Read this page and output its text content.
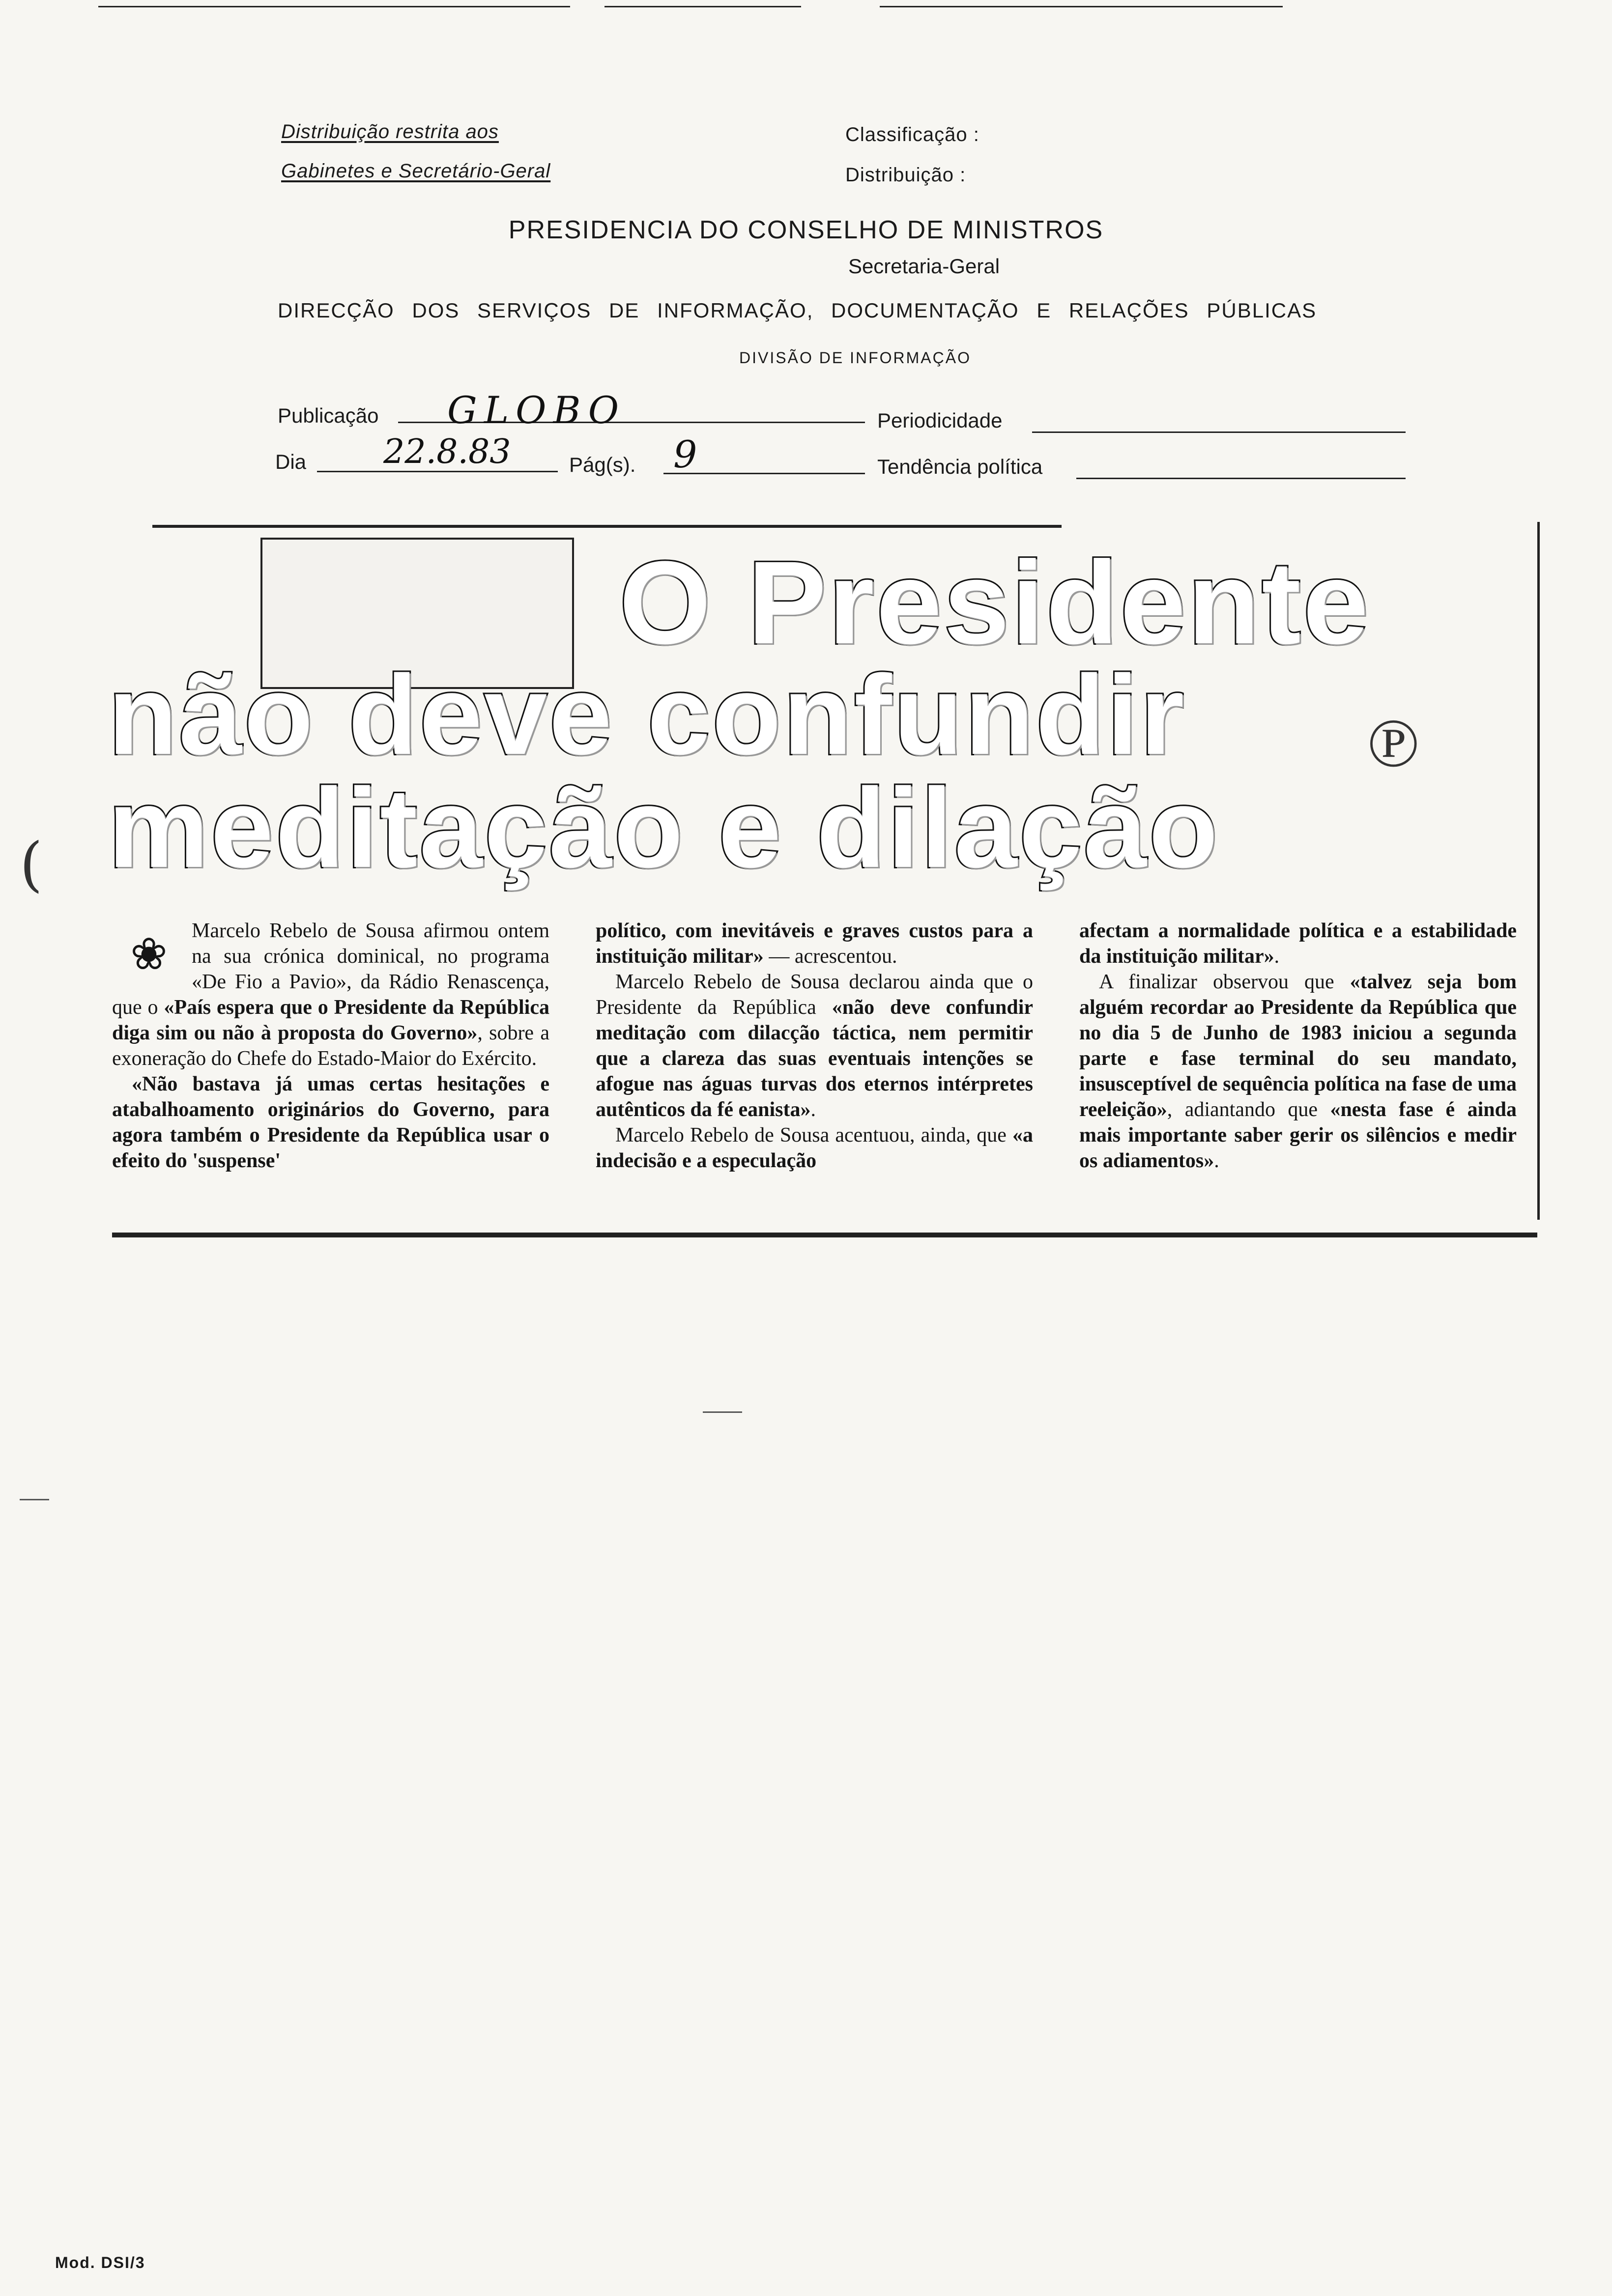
Distribuição restrita aos
Gabinetes e Secretário-Geral
Classificação :
Distribuição :
PRESIDENCIA DO CONSELHO DE MINISTROS
Secretaria-Geral
DIRECÇÃO DOS SERVIÇOS DE INFORMAÇÃO, DOCUMENTAÇÃO E RELAÇÕES PÚBLICAS
DIVISÃO DE INFORMAÇÃO
Publicação GLOBO	Periodicidade
Dia 22.8.83	Pág(s). 9	Tendência política
O Presidente
não deve confundir
meditação e dilação
(
℗

❀	Marcelo Rebelo de Sousa afirmou ontem na sua crónica dominical, no programa «De Fio a Pavio», da Rádio Renascença, que o «País espera que o Presidente da República diga sim ou não à proposta do Governo», sobre a exoneração do Chefe do Estado-Maior do Exército.

«Não bastava já umas certas hesitações e atabalhoamento originários do Governo, para agora também o Presidente da República usar o efeito do 'suspense'

político, com inevitáveis e graves custos para a instituição militar» — acrescentou.

Marcelo Rebelo de Sousa declarou ainda que o Presidente da República «não deve confundir meditação com dilacção táctica, nem permitir que a clareza das suas eventuais intenções se afogue nas águas turvas dos eternos intérpretes autênticos da fé eanista».

Marcelo Rebelo de Sousa acentuou, ainda, que «a indecisão e a especulação

afectam a normalidade política e a estabilidade da instituição militar».

A finalizar observou que «talvez seja bom alguém recordar ao Presidente da República que no dia 5 de Junho de 1983 iniciou a segunda parte e fase terminal do seu mandato, insusceptível de sequência política na fase de uma reeleição», adiantando que «nesta fase é ainda mais importante saber gerir os silêncios e medir os adiamentos».

Mod. DSI/3
